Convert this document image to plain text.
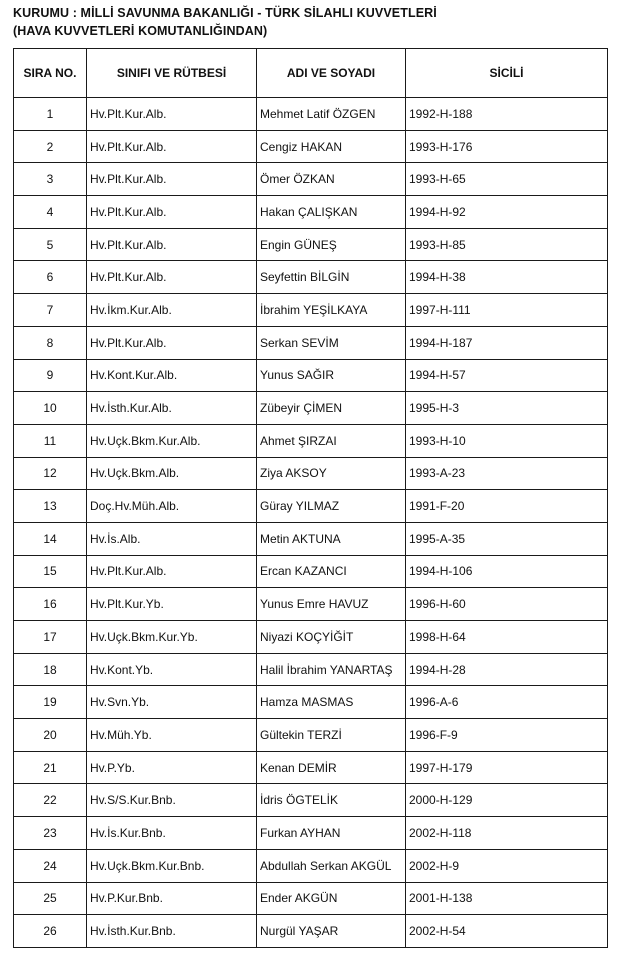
KURUMU : MİLLİ SAVUNMA BAKANLIĞI - TÜRK SİLAHLI KUVVETLERİ
(HAVA KUVVETLERİ KOMUTANLIĞINDAN)
SIRA NO.	SINIFI VE RÜTBESİ	ADI VE SOYADI	SİCİLİ
1	Hv.Plt.Kur.Alb.	Mehmet Latif ÖZGEN	1992-H-188
2	Hv.Plt.Kur.Alb.	Cengiz HAKAN	1993-H-176
3	Hv.Plt.Kur.Alb.	Ömer ÖZKAN	1993-H-65
4	Hv.Plt.Kur.Alb.	Hakan ÇALIŞKAN	1994-H-92
5	Hv.Plt.Kur.Alb.	Engin GÜNEŞ	1993-H-85
6	Hv.Plt.Kur.Alb.	Seyfettin BİLGİN	1994-H-38
7	Hv.İkm.Kur.Alb.	İbrahim YEŞİLKAYA	1997-H-111
8	Hv.Plt.Kur.Alb.	Serkan SEVİM	1994-H-187
9	Hv.Kont.Kur.Alb.	Yunus SAĞIR	1994-H-57
10	Hv.İsth.Kur.Alb.	Zübeyir ÇİMEN	1995-H-3
11	Hv.Uçk.Bkm.Kur.Alb.	Ahmet ŞIRZAI	1993-H-10
12	Hv.Uçk.Bkm.Alb.	Ziya AKSOY	1993-A-23
13	Doç.Hv.Müh.Alb.	Güray YILMAZ	1991-F-20
14	Hv.İs.Alb.	Metin AKTUNA	1995-A-35
15	Hv.Plt.Kur.Alb.	Ercan KAZANCI	1994-H-106
16	Hv.Plt.Kur.Yb.	Yunus Emre HAVUZ	1996-H-60
17	Hv.Uçk.Bkm.Kur.Yb.	Niyazi KOÇYİĞİT	1998-H-64
18	Hv.Kont.Yb.	Halil İbrahim YANARTAŞ	1994-H-28
19	Hv.Svn.Yb.	Hamza MASMAS	1996-A-6
20	Hv.Müh.Yb.	Gültekin TERZİ	1996-F-9
21	Hv.P.Yb.	Kenan DEMİR	1997-H-179
22	Hv.S/S.Kur.Bnb.	İdris ÖGTELİK	2000-H-129
23	Hv.İs.Kur.Bnb.	Furkan AYHAN	2002-H-118
24	Hv.Uçk.Bkm.Kur.Bnb.	Abdullah Serkan AKGÜL	2002-H-9
25	Hv.P.Kur.Bnb.	Ender AKGÜN	2001-H-138
26	Hv.İsth.Kur.Bnb.	Nurgül YAŞAR	2002-H-54
